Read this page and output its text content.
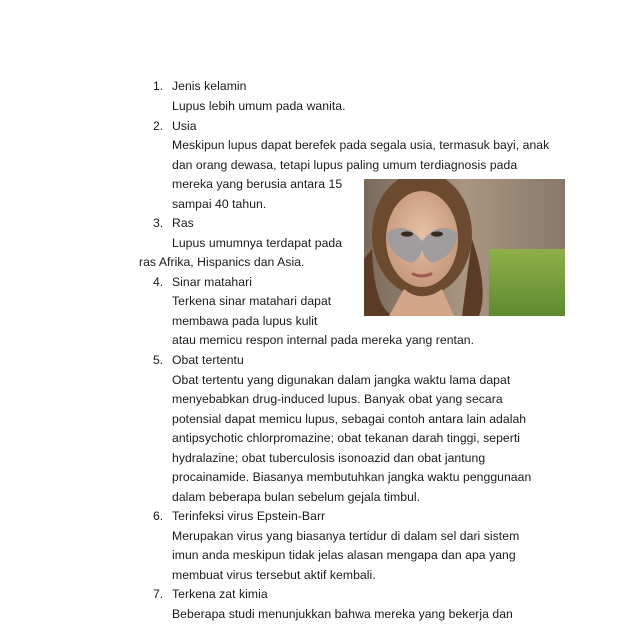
1. Jenis kelamin
Lupus lebih umum pada wanita.
2. Usia
Meskipun lupus dapat berefek pada segala usia, termasuk bayi, anak
dan orang dewasa, tetapi lupus paling umum terdiagnosis pada
mereka yang berusia antara 15
sampai 40 tahun.
3. Ras
Lupus umumnya terdapat pada
ras Afrika, Hispanics dan Asia.
4. Sinar matahari
Terkena sinar matahari dapat
membawa pada lupus kulit
atau memicu respon internal pada mereka yang rentan.
5. Obat tertentu
Obat tertentu yang digunakan dalam jangka waktu lama dapat
menyebabkan drug-induced lupus. Banyak obat yang secara
potensial dapat memicu lupus, sebagai contoh antara lain adalah
antipsychotic chlorpromazine; obat tekanan darah tinggi, seperti
hydralazine; obat tuberculosis isonoazid dan obat jantung
procainamide. Biasanya membutuhkan jangka waktu penggunaan
dalam beberapa bulan sebelum gejala timbul.
6. Terinfeksi virus Epstein-Barr
Merupakan virus yang biasanya tertidur di dalam sel dari sistem
imun anda meskipun tidak jelas alasan mengapa dan apa yang
membuat virus tersebut aktif kembali.
7. Terkena zat kimia
Beberapa studi menunjukkan bahwa mereka yang bekerja dan
